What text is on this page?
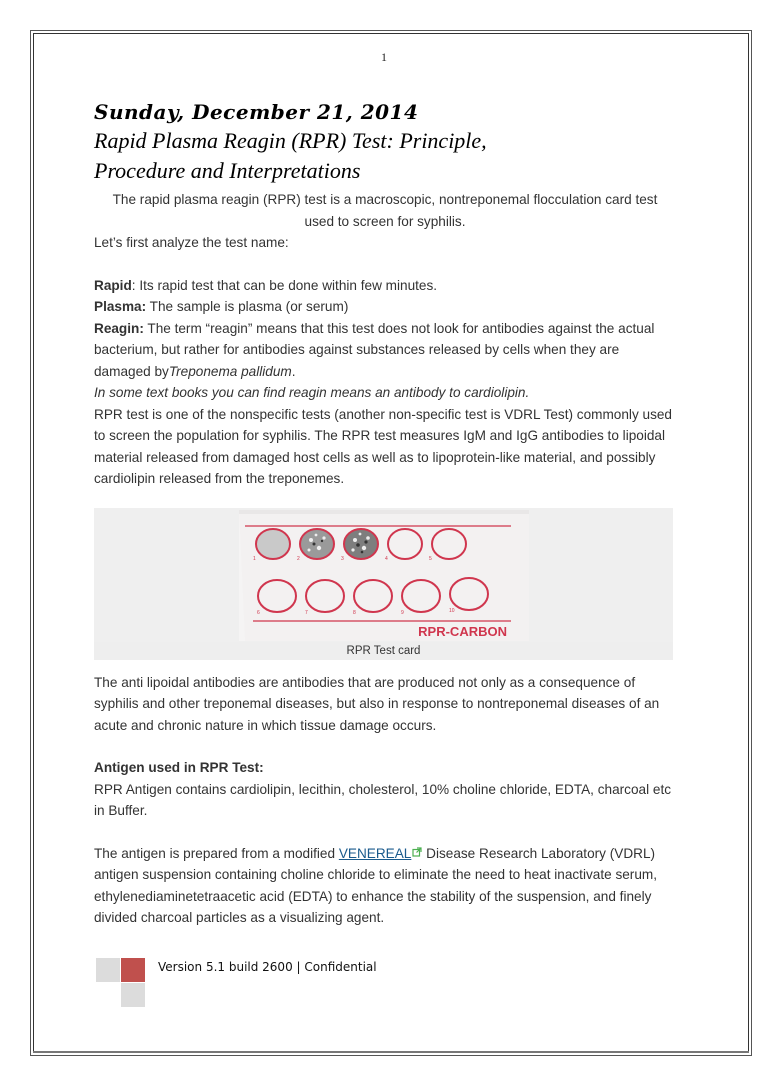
1
Sunday, December 21, 2014
Rapid Plasma Reagin (RPR) Test: Principle,
Procedure and Interpretations

The rapid plasma reagin (RPR) test is a macroscopic, nontreponemal flocculation card test
used to screen for syphilis.

Let’s first analyze the test name:

Rapid: Its rapid test that can be done within few minutes.

Plasma: The sample is plasma (or serum)

Reagin: The term “reagin” means that this test does not look for antibodies against the actual bacterium, but rather for antibodies against substances released by cells when they are damaged byTreponema pallidum.

In some text books you can find reagin means an antibody to cardiolipin.

RPR test is one of the nonspecific tests (another non-specific test is VDRL Test) commonly used to screen the population for syphilis. The RPR test measures IgM and IgG antibodies to lipoidal material released from damaged host cells as well as to lipoprotein-like material, and possibly cardiolipin released from the treponemes.

1	2	3	4	5
6	7	8	9	10
RPR-CARBON
RPR Test card

The anti lipoidal antibodies are antibodies that are produced not only as a consequence of syphilis and other treponemal diseases, but also in response to nontreponemal diseases of an acute and chronic nature in which tissue damage occurs.

Antigen used in RPR Test:

RPR Antigen contains cardiolipin, lecithin, cholesterol, 10% choline chloride, EDTA, charcoal etc in Buffer.

The antigen is prepared from a modified VENEREAL Disease Research Laboratory (VDRL) antigen suspension containing choline chloride to eliminate the need to heat inactivate serum, ethylenediaminetetraacetic acid (EDTA) to enhance the stability of the suspension, and finely divided charcoal particles as a visualizing agent.

Version 5.1 build 2600 | Confidential
